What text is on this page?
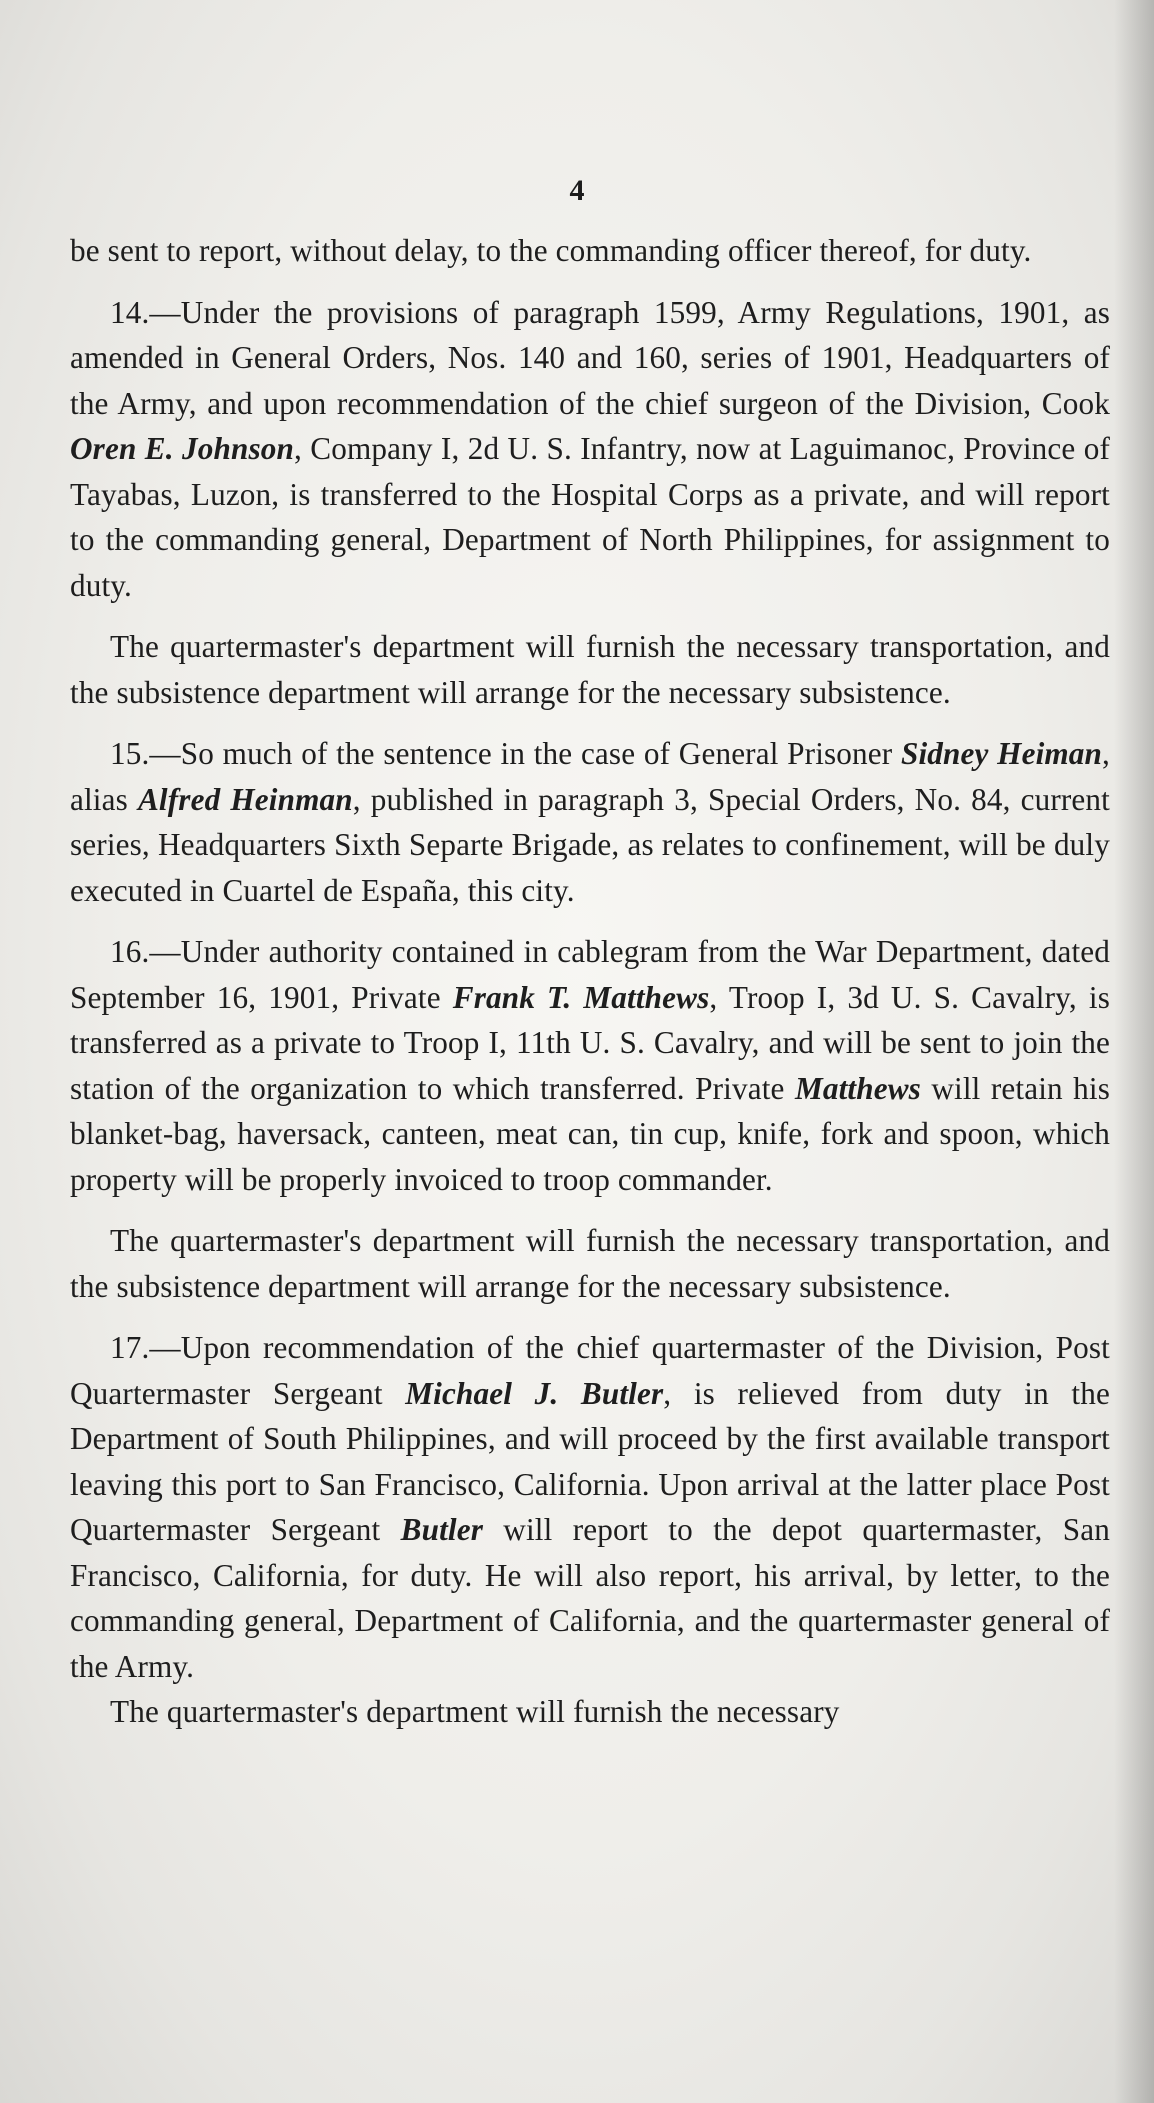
4

be sent to report, without delay, to the commanding officer thereof, for duty.

14.—Under the provisions of paragraph 1599, Army Regulations, 1901, as amended in General Orders, Nos. 140 and 160, series of 1901, Headquarters of the Army, and upon recommendation of the chief surgeon of the Division, Cook Oren E. Johnson, Company I, 2d U. S. Infantry, now at Laguimanoc, Province of Tayabas, Luzon, is transferred to the Hospital Corps as a private, and will report to the commanding general, Department of North Philippines, for assignment to duty.

The quartermaster's department will furnish the necessary transportation, and the subsistence department will arrange for the necessary subsistence.

15.—So much of the sentence in the case of General Prisoner Sidney Heiman, alias Alfred Heinman, published in paragraph 3, Special Orders, No. 84, current series, Headquarters Sixth Separte Brigade, as relates to confinement, will be duly executed in Cuartel de España, this city.

16.—Under authority contained in cablegram from the War Department, dated September 16, 1901, Private Frank T. Matthews, Troop I, 3d U. S. Cavalry, is transferred as a private to Troop I, 11th U. S. Cavalry, and will be sent to join the station of the organization to which transferred. Private Matthews will retain his blanket-bag, haversack, canteen, meat can, tin cup, knife, fork and spoon, which property will be properly invoiced to troop commander.

The quartermaster's department will furnish the necessary transportation, and the subsistence department will arrange for the necessary subsistence.

17.—Upon recommendation of the chief quartermaster of the Division, Post Quartermaster Sergeant Michael J. Butler, is relieved from duty in the Department of South Philippines, and will proceed by the first available transport leaving this port to San Francisco, California. Upon arrival at the latter place Post Quartermaster Sergeant Butler will report to the depot quartermaster, San Francisco, California, for duty. He will also report, his arrival, by letter, to the commanding general, Department of California, and the quartermaster general of the Army.

The quartermaster's department will furnish the necessary
